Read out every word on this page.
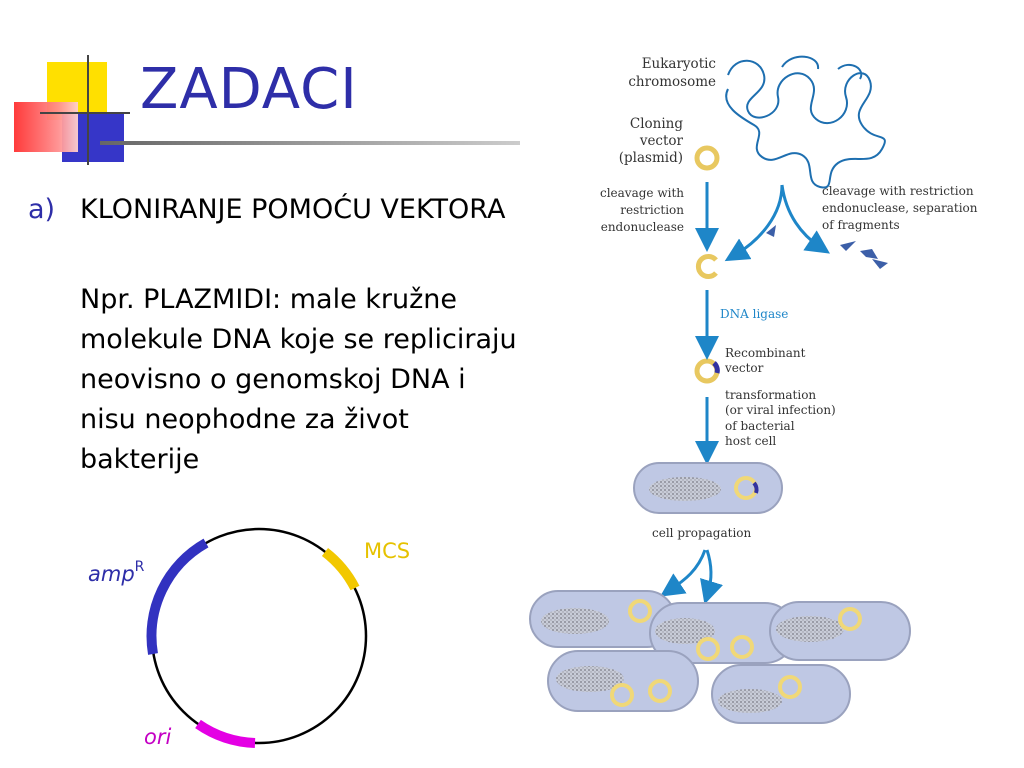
ZADACI
a) KLONIRANJE POMOĆU VEKTORA
Npr. PLAZMIDI: male kružne molekule DNA koje se repliciraju neovisno o genomskoj DNA i nisu neophodne za život bakterije
amp$^R$
MCS
ori
Eukaryotic
chromosome
Cloning
vector
(plasmid)
cleavage with
restriction
endonuclease
cleavage with restriction
endonuclease, separation
of fragments
DNA ligase
Recombinant
vector
transformation
(or viral infection)
of bacterial
host cell
cell propagation
